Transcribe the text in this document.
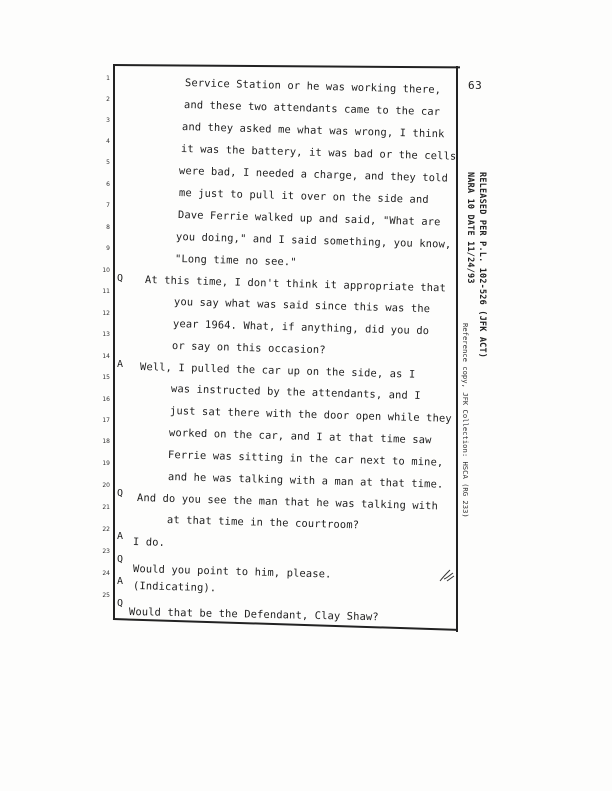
63
1
2
3
4
5
6
7
8
9
10
11
12
13
14
15
16
17
18
19
20
21
22
23
24
25
Q
A
Q
A
Q
A
Q
Service Station or he was working there,
and these two attendants came to the car
and they asked me what was wrong, I think
it was the battery, it was bad or the cells
were bad, I needed a charge, and they told
me just to pull it over on the side and
Dave Ferrie walked up and said, "What are
you doing," and I said something, you know,
"Long time no see."
At this time, I don't think it appropriate that
you say what was said since this was the
year 1964. What, if anything, did you do
or say on this occasion?
Well, I pulled the car up on the side, as I
was instructed by the attendants, and I
just sat there with the door open while they
worked on the car, and I at that time saw
Ferrie was sitting in the car next to mine,
and he was talking with a man at that time.
And do you see the man that he was talking with
at that time in the courtroom?
I do.
Would you point to him, please.
(Indicating).
Would that be the Defendant, Clay Shaw?
RELEASED PER P.L. 102-526 (JFK ACT)
NARA 10 DATE 11/24/93
Reference copy, JFK Collection: HSCA (RG 233)
